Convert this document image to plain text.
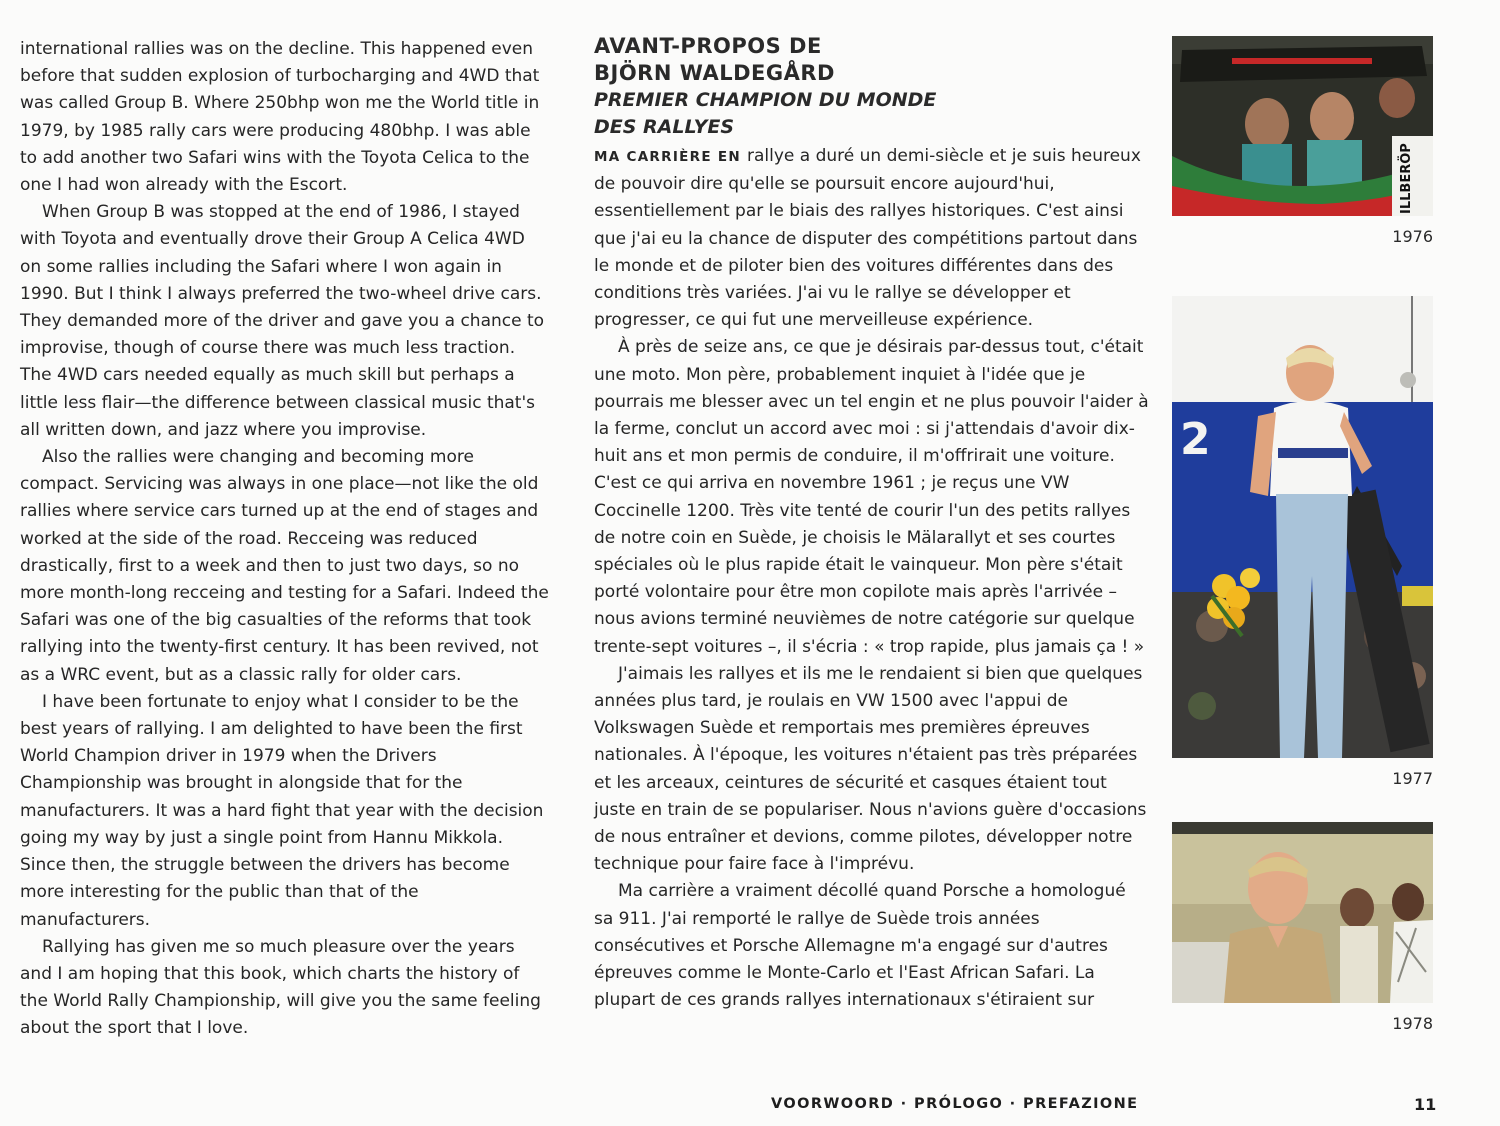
international rallies was on the decline. This happened even before that sudden explosion of turbocharging and 4WD that was called Group B. Where 250bhp won me the World title in 1979, by 1985 rally cars were producing 480bhp. I was able to add another two Safari wins with the Toyota Celica to the one I had won already with the Escort.

When Group B was stopped at the end of 1986, I stayed with Toyota and eventually drove their Group A Celica 4WD on some rallies including the Safari where I won again in 1990. But I think I always preferred the two-wheel drive cars. They demanded more of the driver and gave you a chance to improvise, though of course there was much less traction. The 4WD cars needed equally as much skill but perhaps a little less flair—the difference between classical music that's all written down, and jazz where you improvise.

Also the rallies were changing and becoming more compact. Servicing was always in one place—not like the old rallies where service cars turned up at the end of stages and worked at the side of the road. Recceing was reduced drastically, first to a week and then to just two days, so no more month-long recceing and testing for a Safari. Indeed the Safari was one of the big casualties of the reforms that took rallying into the twenty-first century. It has been revived, not as a WRC event, but as a classic rally for older cars.

I have been fortunate to enjoy what I consider to be the best years of rallying. I am delighted to have been the first World Champion driver in 1979 when the Drivers Championship was brought in alongside that for the manufacturers. It was a hard fight that year with the decision going my way by just a single point from Hannu Mikkola. Since then, the struggle between the drivers has become more interesting for the public than that of the manufacturers.

Rallying has given me so much pleasure over the years and I am hoping that this book, which charts the history of the World Rally Championship, will give you the same feeling about the sport that I love.

AVANT-PROPOS DE
BJÖRN WALDEGÅRD
PREMIER CHAMPION DU MONDE
DES RALLYES

MA CARRIÈRE EN rallye a duré un demi-siècle et je suis heureux de pouvoir dire qu'elle se poursuit encore aujourd'hui, essentiellement par le biais des rallyes historiques. C'est ainsi que j'ai eu la chance de disputer des compétitions partout dans le monde et de piloter bien des voitures différentes dans des conditions très variées. J'ai vu le rallye se développer et progresser, ce qui fut une merveilleuse expérience.

À près de seize ans, ce que je désirais par-dessus tout, c'était une moto. Mon père, probablement inquiet à l'idée que je pourrais me blesser avec un tel engin et ne plus pouvoir l'aider à la ferme, conclut un accord avec moi : si j'attendais d'avoir dix-huit ans et mon permis de conduire, il m'offrirait une voiture. C'est ce qui arriva en novembre 1961 ; je reçus une VW Coccinelle 1200. Très vite tenté de courir l'un des petits rallyes de notre coin en Suède, je choisis le Mälarallyt et ses courtes spéciales où le plus rapide était le vainqueur. Mon père s'était porté volontaire pour être mon copilote mais après l'arrivée – nous avions terminé neuvièmes de notre catégorie sur quelque trente-sept voitures –, il s'écria : « trop rapide, plus jamais ça ! »

J'aimais les rallyes et ils me le rendaient si bien que quelques années plus tard, je roulais en VW 1500 avec l'appui de Volkswagen Suède et remportais mes premières épreuves nationales. À l'époque, les voitures n'étaient pas très préparées et les arceaux, ceintures de sécurité et casques étaient tout juste en train de se populariser. Nous n'avions guère d'occasions de nous entraîner et devions, comme pilotes, développer notre technique pour faire face à l'imprévu.

Ma carrière a vraiment décollé quand Porsche a homologué sa 911. J'ai remporté le rallye de Suède trois années consécutives et Porsche Allemagne m'a engagé sur d'autres épreuves comme le Monte-Carlo et l'East African Safari. La plupart de ces grands rallyes internationaux s'étiraient sur

ILLBERÖP
1976
2
1977
1978
VOORWOORD · PRÓLOGO · PREFAZIONE	11
